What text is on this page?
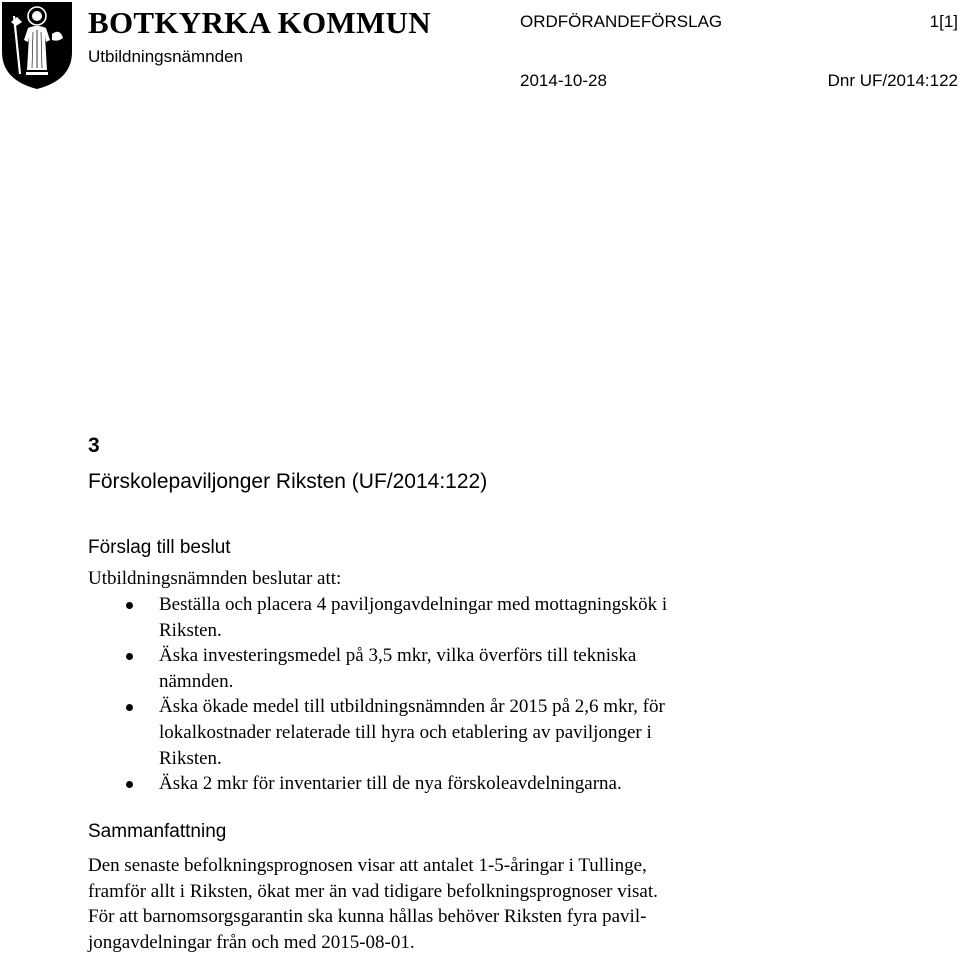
BOTKYRKA KOMMUN
Utbildningsnämnden
ORDFÖRANDEFÖRSLAG	1[1]
2014-10-28	Dnr UF/2014:122
3
Förskolepaviljonger Riksten (UF/2014:122)
Förslag till beslut
Utbildningsnämnden beslutar att:
Beställa och placera 4 paviljongavdelningar med mottagningskök i
Riksten.
Äska investeringsmedel på 3,5 mkr, vilka överförs till tekniska
nämnden.
Äska ökade medel till utbildningsnämnden år 2015 på 2,6 mkr, för
lokalkostnader relaterade till hyra och etablering av paviljonger i
Riksten.
Äska 2 mkr för inventarier till de nya förskoleavdelningarna.
Sammanfattning

Den senaste befolkningsprognosen visar att antalet 1-5-åringar i Tullinge,
framför allt i Riksten, ökat mer än vad tidigare befolkningsprognoser visat.
För att barnomsorgsgarantin ska kunna hållas behöver Riksten fyra pavil-
jongavdelningar från och med 2015-08-01.
